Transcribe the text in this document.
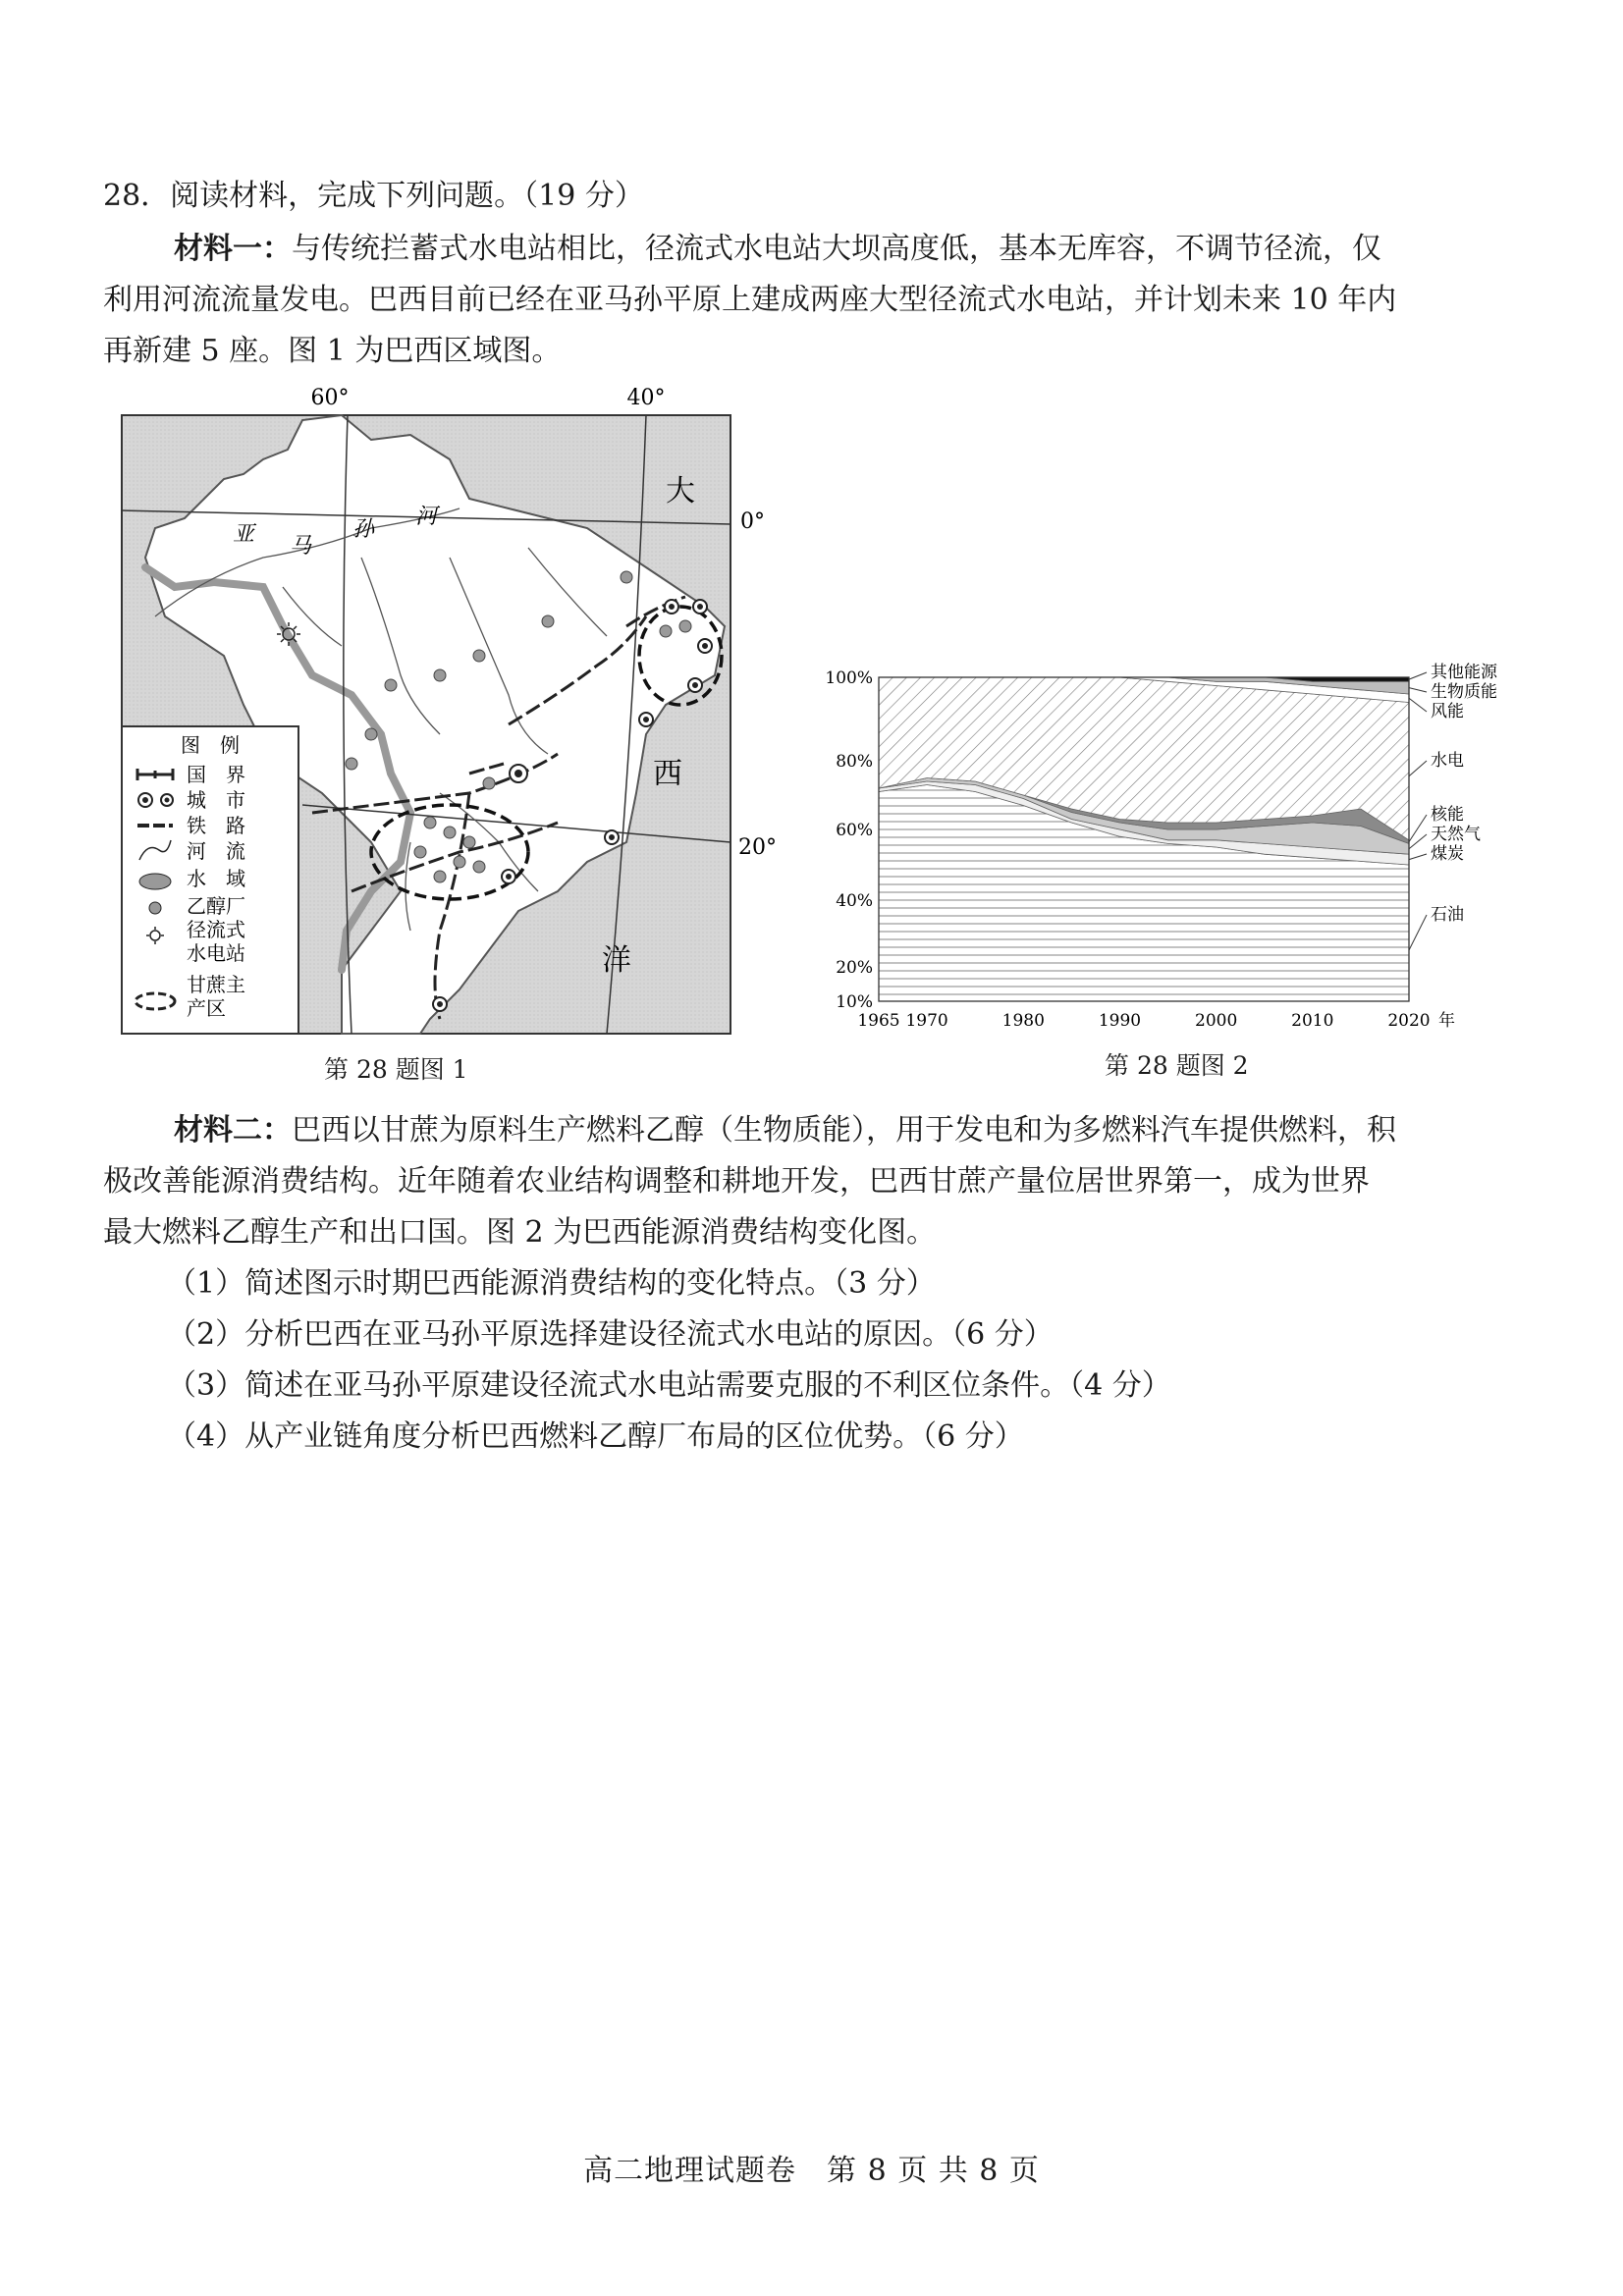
28．阅读材料，完成下列问题。（19 分）
材料一：与传统拦蓄式水电站相比，径流式水电站大坝高度低，基本无库容，不调节径流，仅
利用河流流量发电。巴西目前已经在亚马孙平原上建成两座大型径流式水电站，并计划未来 10 年内
再新建 5 座。图 1 为巴西区域图。
60°	40°
0°
20°
大
西
洋
亚 马
孙
河
图　例
国　界
城　市
铁　路
河　流
水　域
乙醇厂
径流式
水电站
甘蔗主
产区
第 28 题图 1
10%
20%
40%
60%
80%
100%
1965 1970	1980	1990	2000	2010	2020 年
其他能源
生物质能
风能
水电
核能
天然气
煤炭
石油
第 28 题图 2
材料二：巴西以甘蔗为原料生产燃料乙醇（生物质能），用于发电和为多燃料汽车提供燃料，积
极改善能源消费结构。近年随着农业结构调整和耕地开发，巴西甘蔗产量位居世界第一，成为世界
最大燃料乙醇生产和出口国。图 2 为巴西能源消费结构变化图。
（1）简述图示时期巴西能源消费结构的变化特点。（3 分）
（2）分析巴西在亚马孙平原选择建设径流式水电站的原因。（6 分）
（3）简述在亚马孙平原建设径流式水电站需要克服的不利区位条件。（4 分）
（4）从产业链角度分析巴西燃料乙醇厂布局的区位优势。（6 分）
高二地理试题卷　第 8 页 共 8 页
